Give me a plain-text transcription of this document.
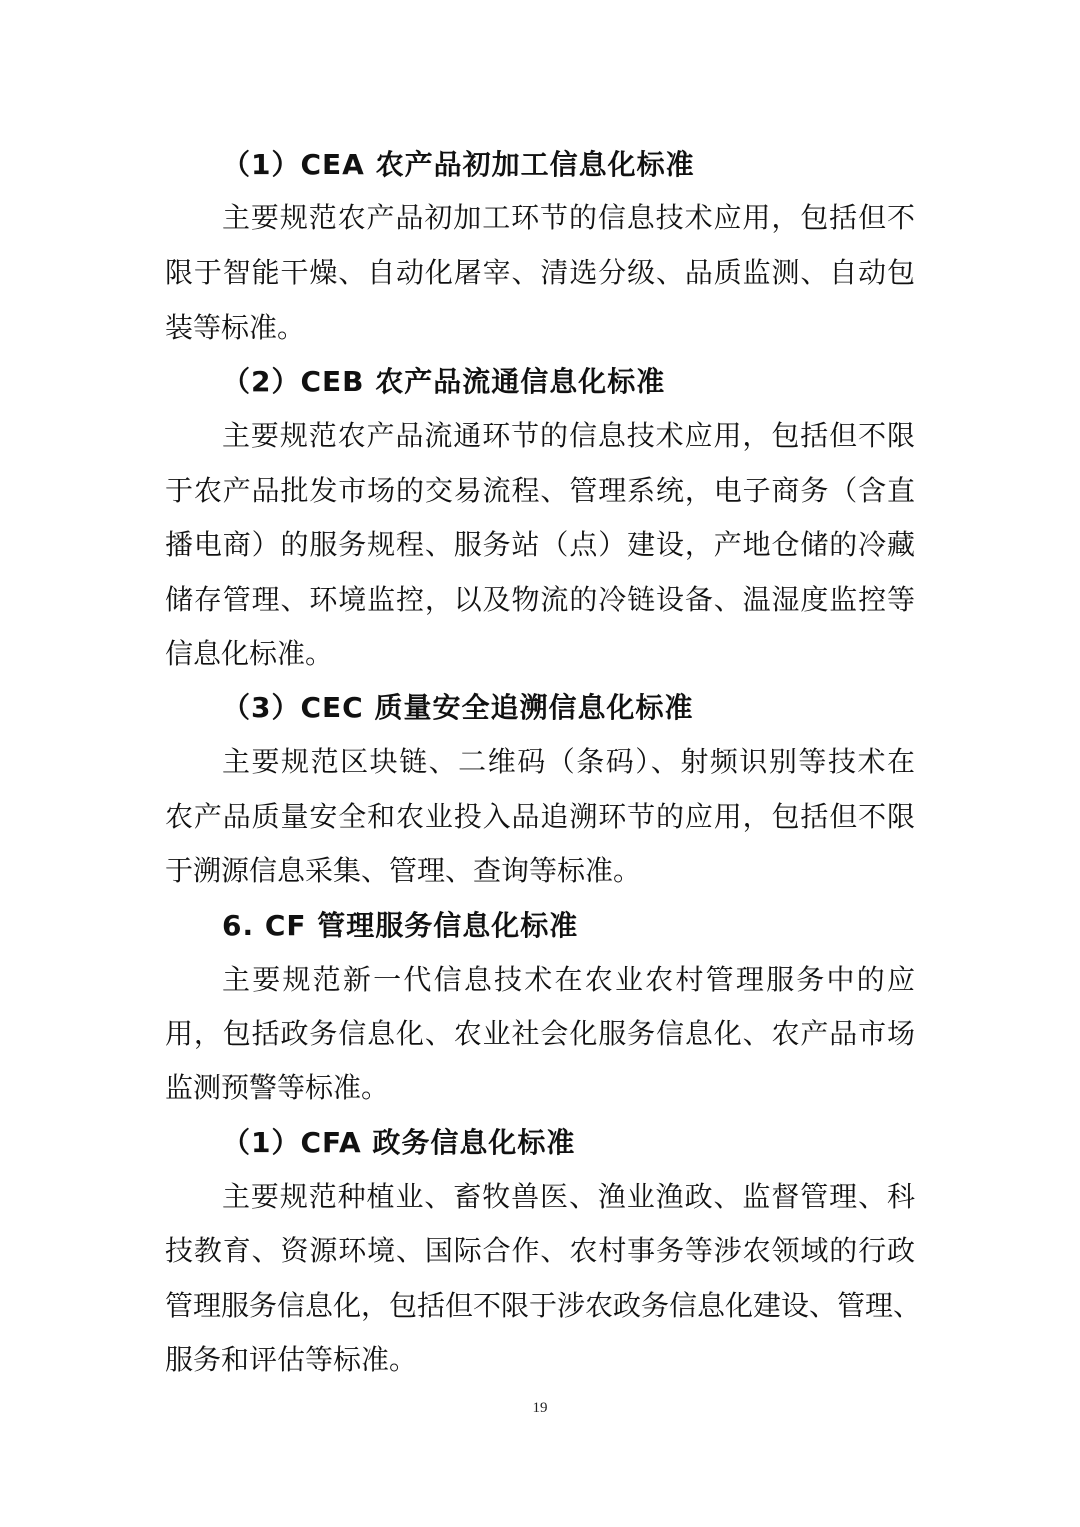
（1）CEA 农产品初加工信息化标准
主要规范农产品初加工环节的信息技术应用，包括但不
限于智能干燥、自动化屠宰、清选分级、品质监测、自动包
装等标准。
（2）CEB 农产品流通信息化标准
主要规范农产品流通环节的信息技术应用，包括但不限
于农产品批发市场的交易流程、管理系统，电子商务（含直
播电商）的服务规程、服务站（点）建设，产地仓储的冷藏
储存管理、环境监控，以及物流的冷链设备、温湿度监控等
信息化标准。
（3）CEC 质量安全追溯信息化标准
主要规范区块链、二维码（条码）、射频识别等技术在
农产品质量安全和农业投入品追溯环节的应用，包括但不限
于溯源信息采集、管理、查询等标准。
6. CF 管理服务信息化标准
主要规范新一代信息技术在农业农村管理服务中的应
用，包括政务信息化、农业社会化服务信息化、农产品市场
监测预警等标准。
（1）CFA 政务信息化标准
主要规范种植业、畜牧兽医、渔业渔政、监督管理、科
技教育、资源环境、国际合作、农村事务等涉农领域的行政
管理服务信息化，包括但不限于涉农政务信息化建设、管理、
服务和评估等标准。
19
